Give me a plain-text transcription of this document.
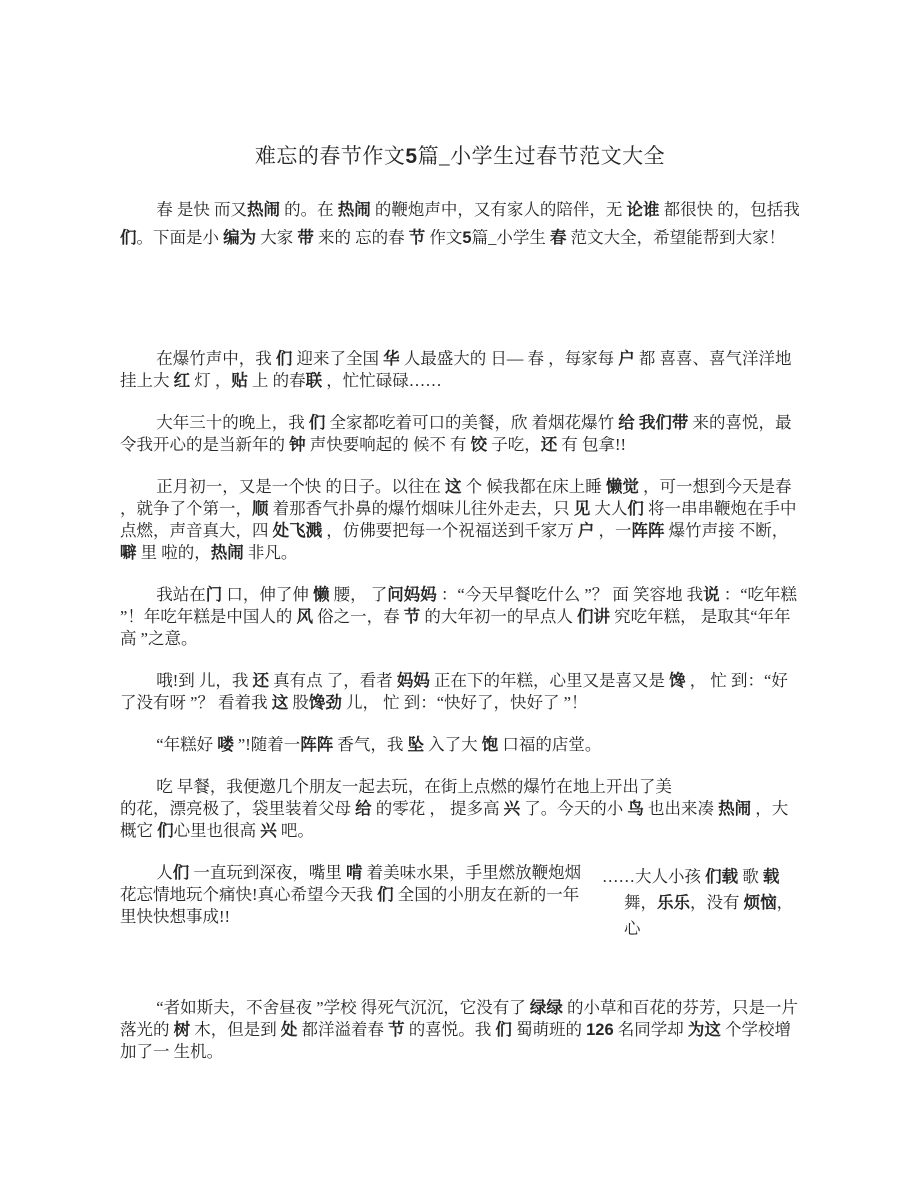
难忘的春节作文5篇_小学生过春节范文大全

春 是快 而又热闹 的。在 热闹 的鞭炮声中，又有家人的陪伴，无 论谁 都很快 的，包括我 们。下面是小 编为 大家 带 来的 忘的春 节 作文5篇_小学生 春 范文大全，希望能帮到大家！

在爆竹声中，我 们 迎来了全国 华 人最盛大的 日— 春 ，每家每 户 都 喜喜、喜气洋洋地挂上大 红 灯 ，贴 上 的春联 ，忙忙碌碌……

大年三十的晚上，我 们 全家都吃着可口的美餐，欣 着烟花爆竹 给 我们带 来的喜悦，最令我开心的是当新年的 钟 声快要响起的 候不 有 饺 子吃，还 有 包拿!!

正月初一，又是一个快 的日子。以往在 这 个 候我都在床上睡 懒觉 ，可一想到今天是春 ，就争了个第一，顺 着那香气扑鼻的爆竹烟味儿往外走去，只 见 大人们 将一串串鞭炮在手中点燃，声音真大，四 处飞溅 ，仿佛要把每一个祝福送到千家万 户 ，一阵阵 爆竹声接 不断，噼 里 啦的，热闹 非凡。

我站在门 口，伸了伸 懒 腰， 了问妈妈 ：“今天早餐吃什么 ”？ 面 笑容地 我说 ：“吃年糕 ”！年吃年糕是中国人的 风 俗之一，春 节 的大年初一的早点人 们讲 究吃年糕， 是取其“年年高 ”之意。

哦!到 儿，我 还 真有点 了，看者 妈妈 正在下的年糕，心里又是喜又是 馋 ， 忙 到：“好了没有呀 ”？ 看着我 这 股馋劲 儿， 忙 到：“快好了，快好了 ”！

“年糕好 喽 ”!随着一阵阵 香气，我 坠 入了大 饱 口福的店堂。

吃 早餐，我便邀几个朋友一起去玩，在街上点燃的爆竹在地上开出了美的花，漂亮极了，袋里装着父母 给 的零花 ， 提多高 兴 了。今天的小 鸟 也出来凑 热闹 ，大概它 们心里也很高 兴 吧。

人们 一直玩到深夜，嘴里 啃 着美味水果，手里燃放鞭炮烟花忘情地玩个痛快!真心希望今天我 们 全国的小朋友在新的一年里快快想事成!!

……大人小孩 们载 歌 载 舞，乐乐，没有 烦恼，心

“者如斯夫，不舍昼夜 ”学校 得死气沉沉，它没有了 绿绿 的小草和百花的芬芳，只是一片落光的 树 木，但是到 处 都洋溢着春 节 的喜悦。我 们 蜀萌班的 126 名同学却 为这 个学校增加了一 生机。
